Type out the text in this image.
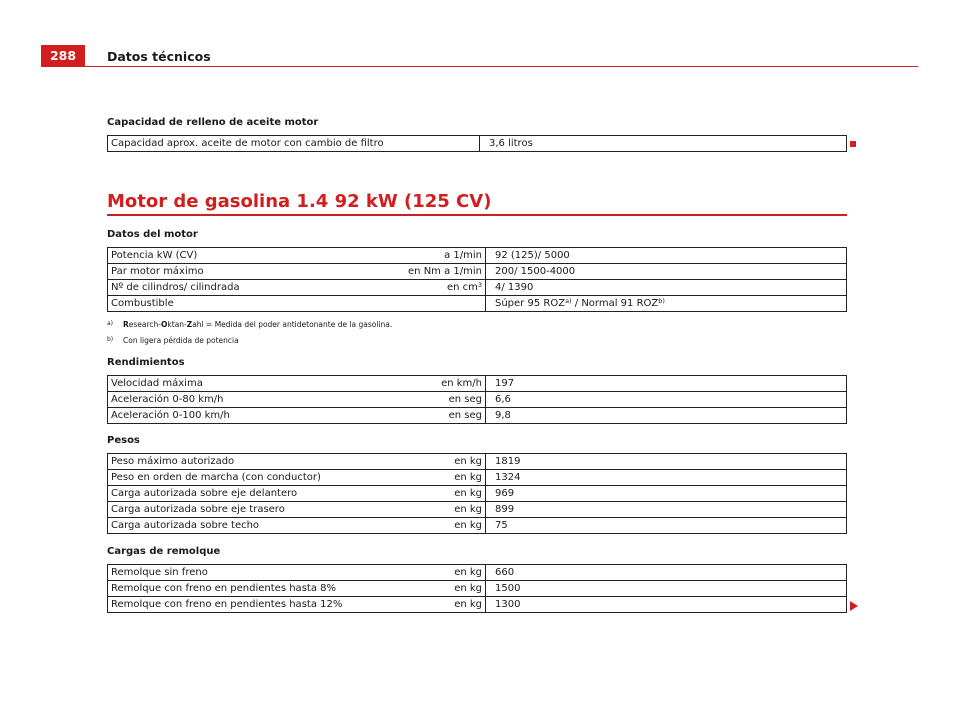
288	Datos técnicos
Capacidad de relleno de aceite motor
Capacidad aprox. aceite de motor con cambio de filtro	3,6 litros
Motor de gasolina 1.4 92 kW (125 CV)
Datos del motor
Potencia kW (CV)	a 1/min	92 (125)/ 5000
Par motor máximo	en Nm a 1/min	200/ 1500-4000
Nº de cilindros/ cilindrada	en $cm^3$	4/ 1390
Combustible		Súper 95 ROZ$^{a)}$ / Normal 91 ROZ$^{b)}$
a) Research-Oktan-Zahl = Medida del poder antidetonante de la gasolina.
b) Con ligera pérdida de potencia
Rendimientos
Velocidad máxima	en km/h	197
Aceleración 0-80 km/h	en seg	6,6
Aceleración 0-100 km/h	en seg	9,8
Pesos
Peso máximo autorizado	en kg	1819
Peso en orden de marcha (con conductor)	en kg	1324
Carga autorizada sobre eje delantero	en kg	969
Carga autorizada sobre eje trasero	en kg	899
Carga autorizada sobre techo	en kg	75
Cargas de remolque
Remolque sin freno	en kg	660
Remolque con freno en pendientes hasta 8%	en kg	1500
Remolque con freno en pendientes hasta 12%	en kg	1300
